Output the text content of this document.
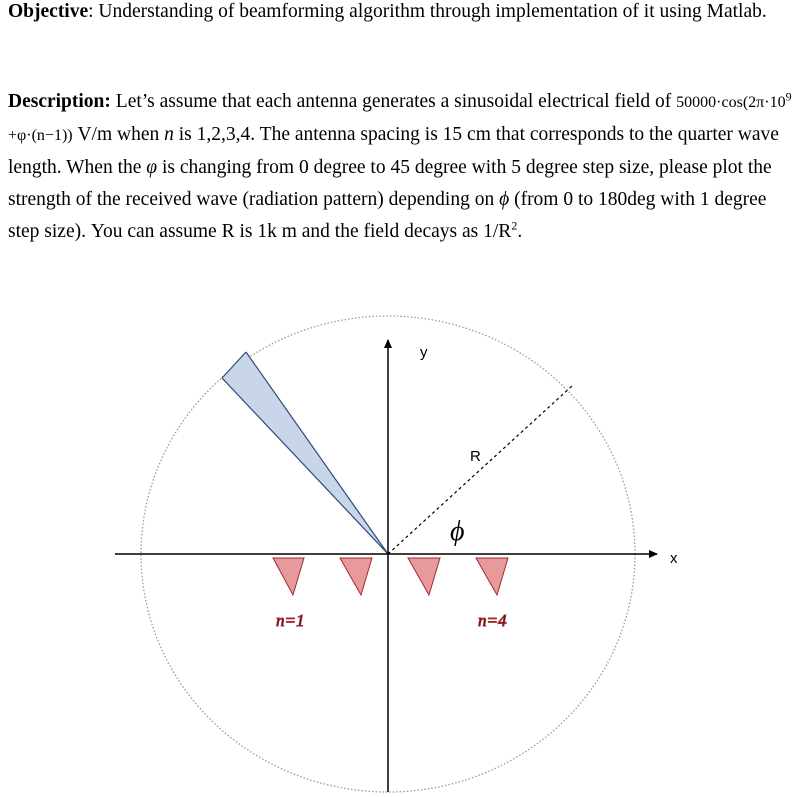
Objective: Understanding of beamforming algorithm through implementation of it using Matlab.

Description: Let’s assume that each antenna generates a sinusoidal electrical field of $50000\cdot\cos(2\pi\cdot 10^9 +\varphi\cdot(n-1))$ V/m when n is 1,2,3,4. The antenna spacing is 15 cm that corresponds to the quarter wave length. When the φ is changing from 0 degree to 45 degree with 5 degree step size, please plot the strength of the received wave (radiation pattern) depending on ϕ (from 0 to 180deg with 1 degree step size). You can assume R is 1k m and the field decays as $1/R^2$.

y
x
R
ϕ
n=1	n=4
